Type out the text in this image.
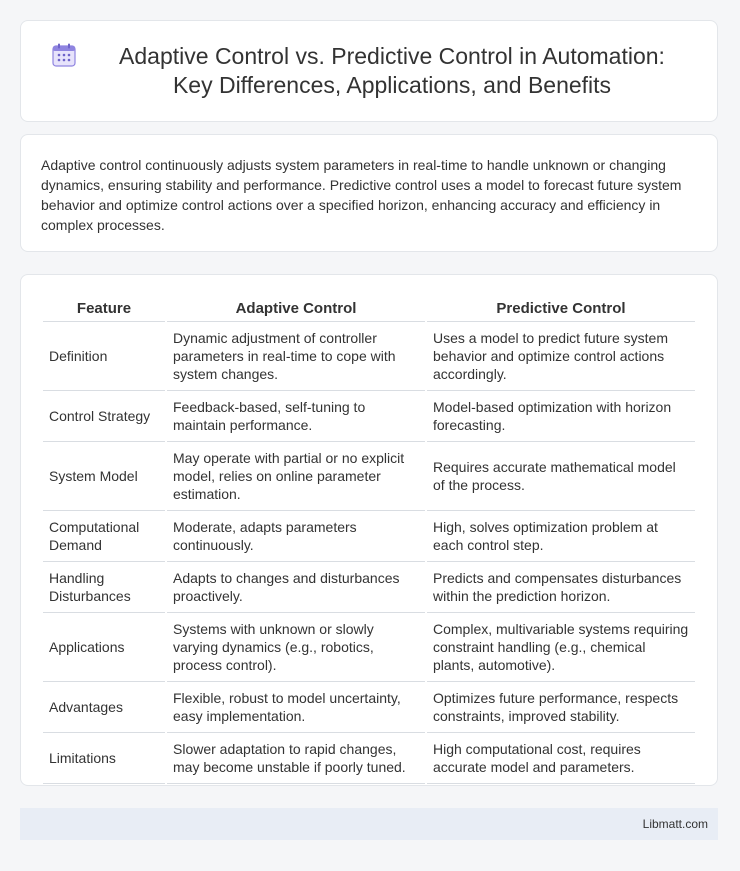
Adaptive Control vs. Predictive Control in Automation: Key Differences, Applications, and Benefits

Adaptive control continuously adjusts system parameters in real-time to handle unknown or changing dynamics, ensuring stability and performance. Predictive control uses a model to forecast future system behavior and optimize control actions over a specified horizon, enhancing accuracy and efficiency in complex processes.

Feature	Adaptive Control	Predictive Control
Definition	Dynamic adjustment of controller parameters in real-time to cope with system changes.	Uses a model to predict future system behavior and optimize control actions accordingly.
Control Strategy	Feedback-based, self-tuning to maintain performance.	Model-based optimization with horizon forecasting.
System Model	May operate with partial or no explicit model, relies on online parameter estimation.	Requires accurate mathematical model of the process.
Computational Demand	Moderate, adapts parameters continuously.	High, solves optimization problem at each control step.
Handling Disturbances	Adapts to changes and disturbances proactively.	Predicts and compensates disturbances within the prediction horizon.
Applications	Systems with unknown or slowly varying dynamics (e.g., robotics, process control).	Complex, multivariable systems requiring constraint handling (e.g., chemical plants, automotive).
Advantages	Flexible, robust to model uncertainty, easy implementation.	Optimizes future performance, respects constraints, improved stability.
Limitations	Slower adaptation to rapid changes, may become unstable if poorly tuned.	High computational cost, requires accurate model and parameters.
Libmatt.com
